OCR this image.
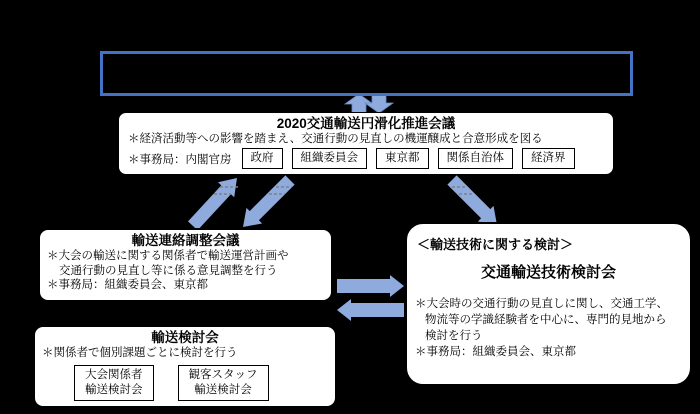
2020交通輸送円滑化推進会議
＊経済活動等への影響を踏まえ、交通行動の見直しの機運醸成と合意形成を図る
＊事務局：内閣官房	政府	組織委員会	東京都	関係自治体	経済界
輸送連絡調整会議
＊大会の輸送に関する関係者で輸送運営計画や
交通行動の見直し等に係る意見調整を行う
＊事務局：組織委員会、東京都
＜輸送技術に関する検討＞
交通輸送技術検討会
＊大会時の交通行動の見直しに関し、交通工学、
物流等の学識経験者を中心に、専門的見地から
検討を行う
＊事務局：組織委員会、東京都
輸送検討会
＊関係者で個別課題ごとに検討を行う
大会関係者
輸送検討会
観客スタッフ
輸送検討会
